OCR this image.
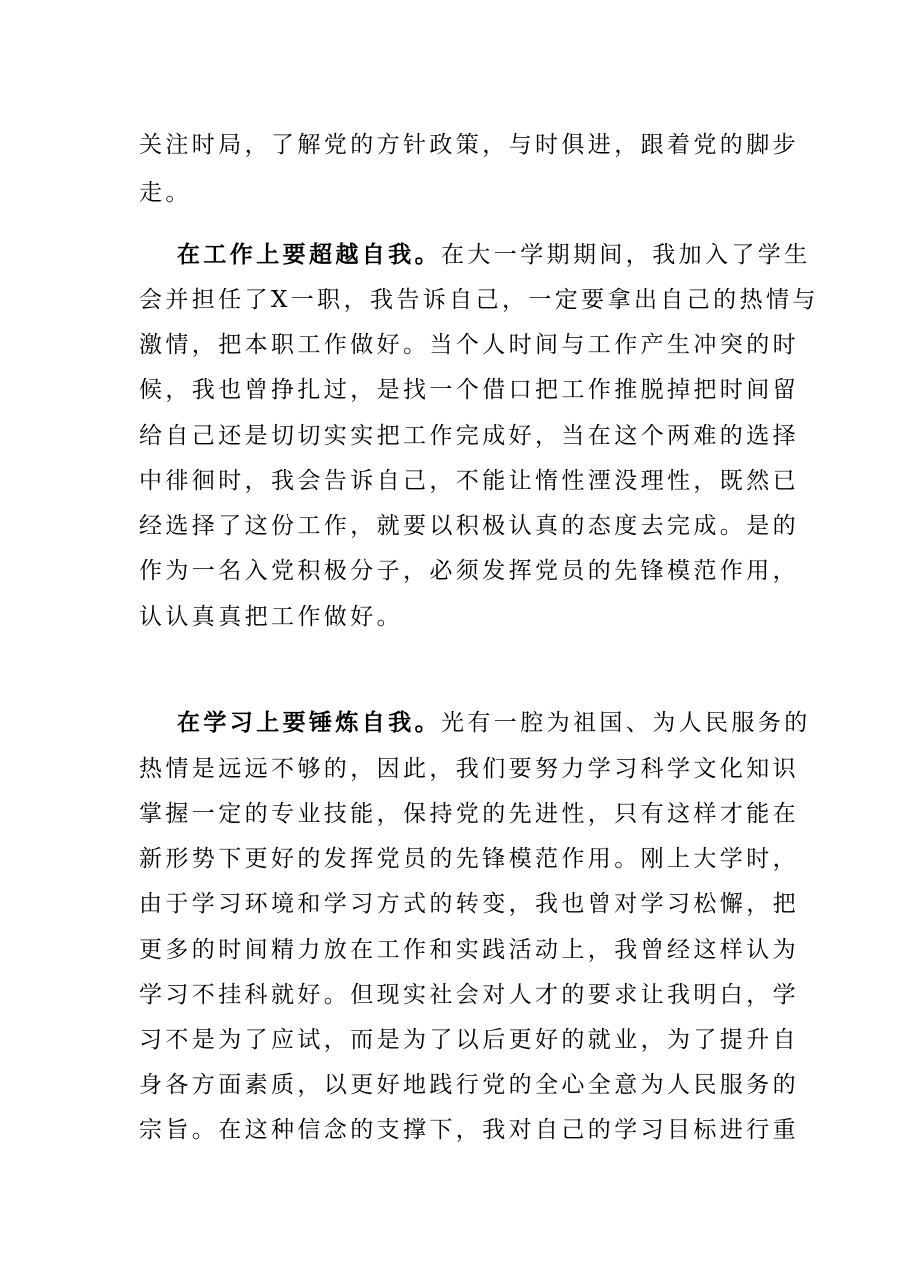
关注时局，了解党的方针政策，与时俱进，跟着党的脚步
走。
在工作上要超越自我。在大一学期期间，我加入了学生
会并担任了X一职，我告诉自己，一定要拿出自己的热情与
激情，把本职工作做好。当个人时间与工作产生冲突的时
候，我也曾挣扎过，是找一个借口把工作推脱掉把时间留
给自己还是切切实实把工作完成好，当在这个两难的选择
中徘徊时，我会告诉自己，不能让惰性湮没理性，既然已
经选择了这份工作，就要以积极认真的态度去完成。是的
作为一名入党积极分子，必须发挥党员的先锋模范作用，
认认真真把工作做好。
在学习上要锤炼自我。光有一腔为祖国、为人民服务的
热情是远远不够的，因此，我们要努力学习科学文化知识
掌握一定的专业技能，保持党的先进性，只有这样才能在
新形势下更好的发挥党员的先锋模范作用。刚上大学时，
由于学习环境和学习方式的转变，我也曾对学习松懈，把
更多的时间精力放在工作和实践活动上，我曾经这样认为
学习不挂科就好。但现实社会对人才的要求让我明白，学
习不是为了应试，而是为了以后更好的就业，为了提升自
身各方面素质，以更好地践行党的全心全意为人民服务的
宗旨。在这种信念的支撑下，我对自己的学习目标进行重
